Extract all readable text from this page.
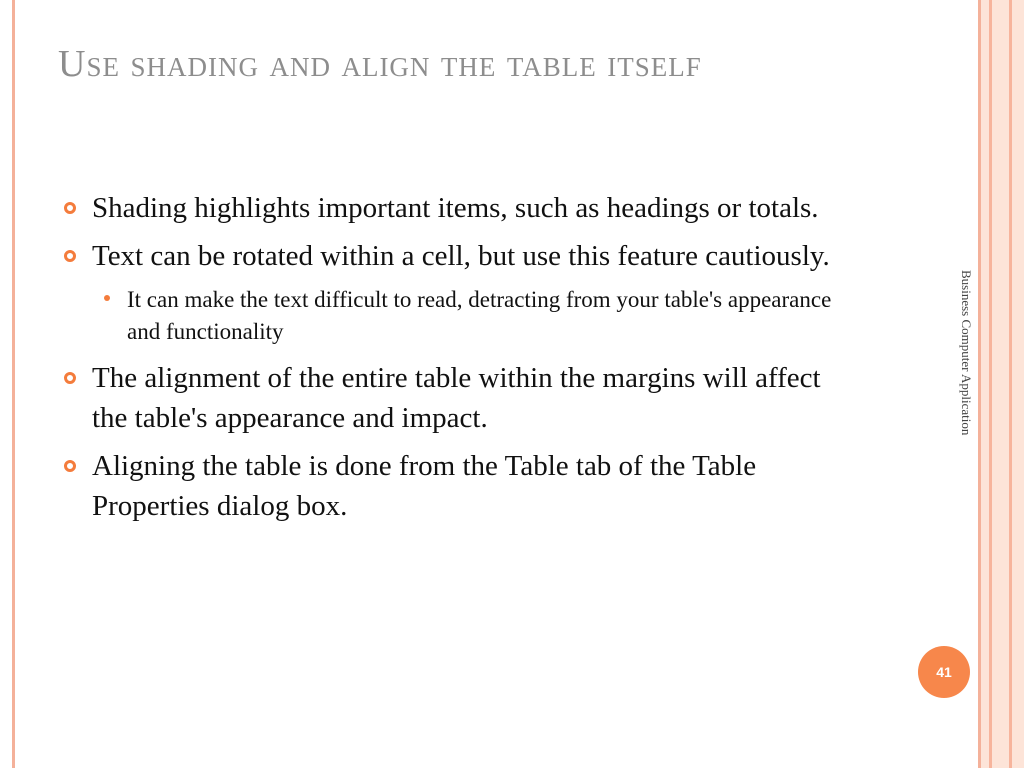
Use shading and align the table itself
Shading highlights important items, such as headings or totals.
Text can be rotated within a cell, but use this feature cautiously.
It can make the text difficult to read, detracting from your table's appearance and functionality
The alignment of the entire table within the margins will affect the table's appearance and impact.
Aligning the table is done from the Table tab of the Table Properties dialog box.
Business Computer Application
41
